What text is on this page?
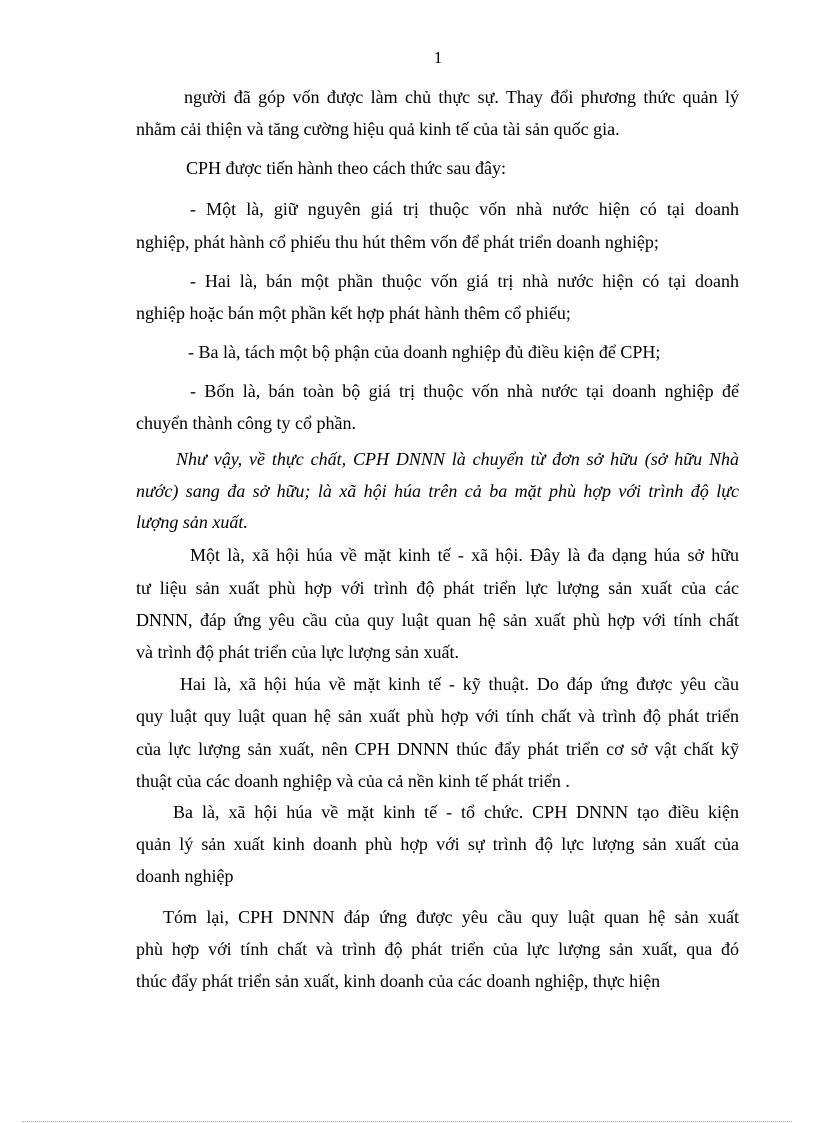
1
người đã góp vốn được làm chủ thực sự. Thay đổi phương thức quản lý
nhằm cải thiện và tăng cường hiệu quả kinh tế của tài sản quốc gia.
CPH được tiến hành theo cách thức sau đây:
- Một là, giữ nguyên giá trị thuộc vốn nhà nước hiện có tại doanh
nghiệp, phát hành cổ phiếu thu hút thêm vốn để phát triển doanh nghiệp;
- Hai là, bán một phần thuộc vốn giá trị nhà nước hiện có tại doanh
nghiệp hoặc bán một phần kết hợp phát hành thêm cổ phiếu;
- Ba là, tách một bộ phận của doanh nghiệp đủ điều kiện để CPH;
- Bốn là, bán toàn bộ giá trị thuộc vốn nhà nước tại doanh nghiệp để
chuyển thành công ty cổ phần.
Như vậy, về thực chất, CPH DNNN là chuyển từ đơn sở hữu (sở hữu Nhà
nước) sang đa sở hữu; là xã hội húa trên cả ba mặt phù hợp với trình độ lực
lượng sản xuất.
Một là, xã hội húa về mặt kinh tế - xã hội. Đây là đa dạng húa sở hữu
tư liệu sản xuất phù hợp với trình độ phát triển lực lượng sản xuất của các
DNNN, đáp ứng yêu cầu của quy luật quan hệ sản xuất phù hợp với tính chất
và trình độ phát triển của lực lượng sản xuất.
Hai là, xã hội húa về mặt kinh tế - kỹ thuật. Do đáp ứng được yêu cầu
quy luật quy luật quan hệ sản xuất phù hợp với tính chất và trình độ phát triển
của lực lượng sản xuất, nên CPH DNNN thúc đẩy phát triển cơ sở vật chất kỹ
thuật của các doanh nghiệp và của cả nền kinh tế phát triển .
Ba là, xã hội húa về mặt kinh tế - tổ chức. CPH DNNN tạo điều kiện
quản lý sản xuất kinh doanh phù hợp với sự trình độ lực lượng sản xuất của
doanh nghiệp
Tóm lại, CPH DNNN đáp ứng được yêu cầu quy luật quan hệ sản xuất
phù hợp với tính chất và trình độ phát triển của lực lượng sản xuất, qua đó
thúc đẩy phát triển sản xuất, kinh doanh của các doanh nghiệp, thực hiện
